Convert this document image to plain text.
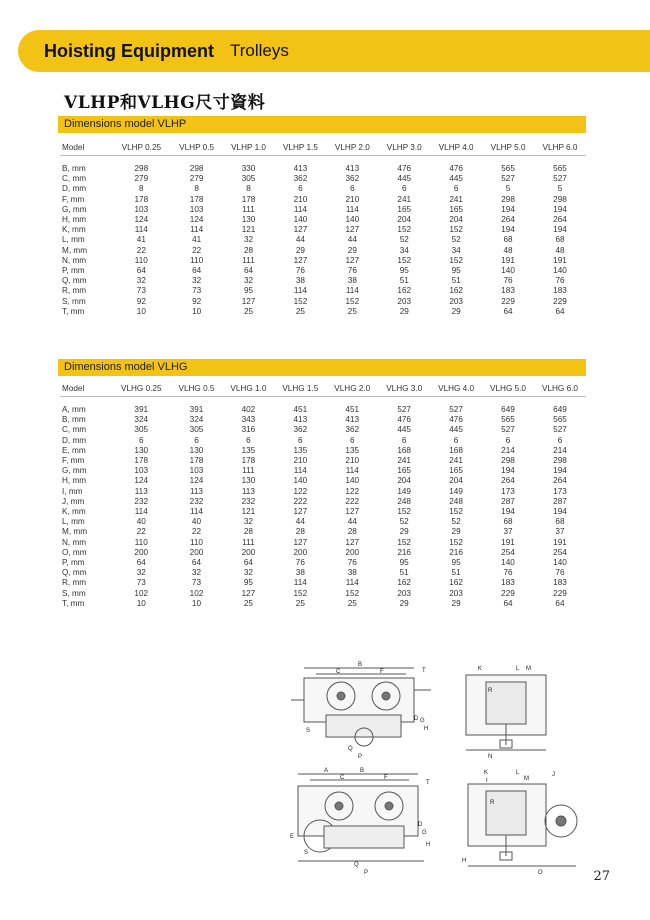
Hoisting Equipment Trolleys
VLHP和VLHG尺寸資料
Dimensions model VLHP
Model	VLHP 0.25	VLHP 0.5	VLHP 1.0	VLHP 1.5	VLHP 2.0	VLHP 3.0	VLHP 4.0	VLHP 5.0	VLHP 6.0

B, mm	298	298	330	413	413	476	476	565	565
C, mm	279	279	305	362	362	445	445	527	527
D, mm	8	8	8	6	6	6	6	5	5
F, mm	178	178	178	210	210	241	241	298	298
G, mm	103	103	111	114	114	165	165	194	194
H, mm	124	124	130	140	140	204	204	264	264
K, mm	114	114	121	127	127	152	152	194	194
L, mm	41	41	32	44	44	52	52	68	68
M, mm	22	22	28	29	29	34	34	48	48
N, mm	110	110	111	127	127	152	152	191	191
P, mm	64	64	64	76	76	95	95	140	140
Q, mm	32	32	32	38	38	51	51	76	76
R, mm	73	73	95	114	114	162	162	183	183
S, mm	92	92	127	152	152	203	203	229	229
T, mm	10	10	25	25	25	29	29	64	64
Dimensions model VLHG
Model	VLHG 0.25	VLHG 0.5	VLHG 1.0	VLHG 1.5	VLHG 2.0	VLHG 3.0	VLHG 4.0	VLHG 5.0	VLHG 6.0

A, mm	391	391	402	451	451	527	527	649	649
B, mm	324	324	343	413	413	476	476	565	565
C, mm	305	305	316	362	362	445	445	527	527
D, mm	6	6	6	6	6	6	6	6	6
E, mm	130	130	135	135	135	168	168	214	214
F, mm	178	178	178	210	210	241	241	298	298
G, mm	103	103	111	114	114	165	165	194	194
H, mm	124	124	130	140	140	204	204	264	264
I, mm	113	113	113	122	122	149	149	173	173
J, mm	232	232	232	222	222	248	248	287	287
K, mm	114	114	121	127	127	152	152	194	194
L, mm	40	40	32	44	44	52	52	68	68
M, mm	22	22	28	28	28	29	29	37	37
N, mm	110	110	111	127	127	152	152	191	191
O, mm	200	200	200	200	200	216	216	254	254
P, mm	64	64	64	76	76	95	95	140	140
Q, mm	32	32	32	38	38	51	51	76	76
R, mm	73	73	95	114	114	162	162	183	183
S, mm	102	102	127	152	152	203	203	229	229
T, mm	10	10	25	25	25	29	29	64	64
B
C	F	T
D G
H
S
Q
P
K	L M
R
N
A	B
C	F
T
E
D
G
H
S
Q
P
K	L
M
R
I
J
H
O	27
